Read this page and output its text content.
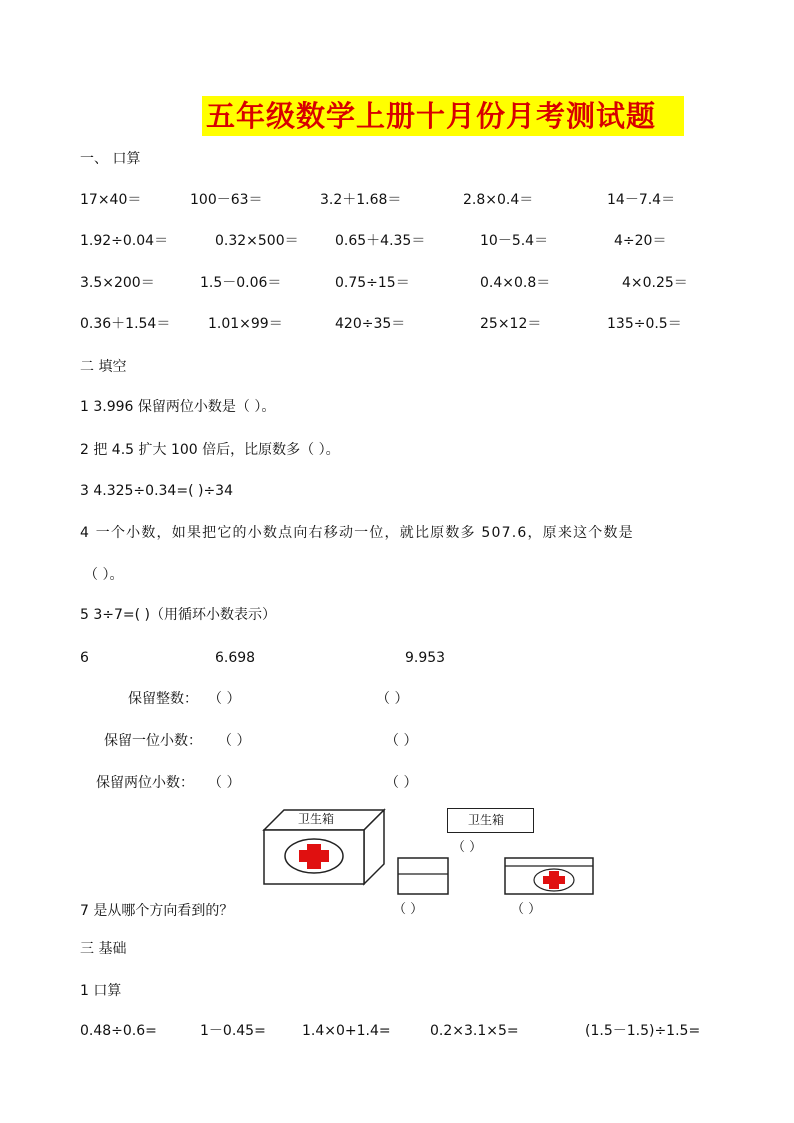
五年级数学上册十月份月考测试题
一、 口算
17×40＝	100－63＝	3.2＋1.68＝	2.8×0.4＝	14－7.4＝
1.92÷0.04＝	0.32×500＝	0.65＋4.35＝	10－5.4＝	4÷20＝
3.5×200＝	1.5－0.06＝	0.75÷15＝	0.4×0.8＝	4×0.25＝
0.36＋1.54＝	1.01×99＝	420÷35＝	25×12＝	135÷0.5＝
二 填空
1 3.996 保留两位小数是（ ）。
2 把 4.5 扩大 100 倍后，比原数多（ ）。
3 4.325÷0.34=( )÷34
4 一个小数，如果把它的小数点向右移动一位，就比原数多 507.6，原来这个数是
（ ）。
5 3÷7=( )（用循环小数表示）
6	6.698	9.953
保留整数： （ ）	（ ）
保留一位小数： （ ）	（ ）
保留两位小数： （ ）	（ ）
卫生箱	卫生箱
（ ）
（ ）	（ ）
7 是从哪个方向看到的？
三 基础
1 口算
0.48÷0.6=	1－0.45=	1.4×0+1.4=	0.2×3.1×5=	(1.5－1.5)÷1.5=
